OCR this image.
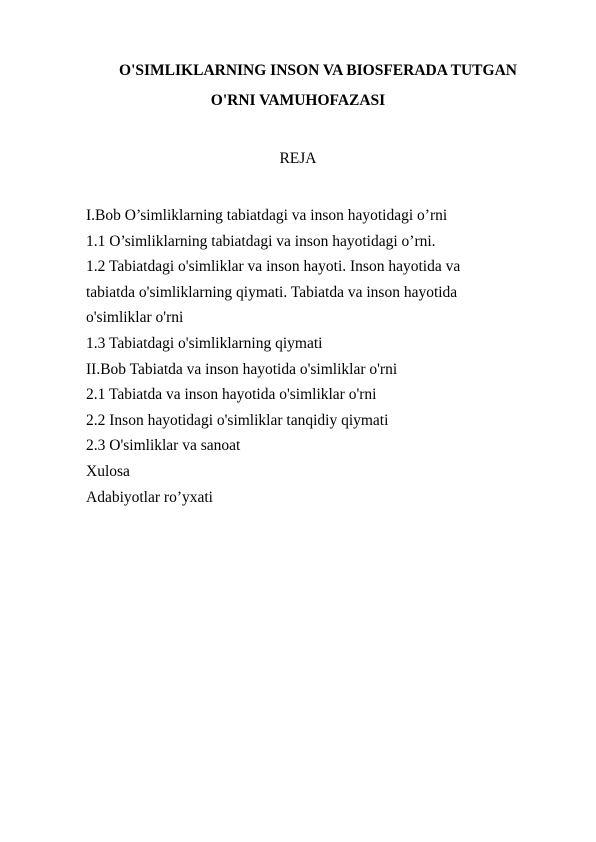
O'SIMLIKLARNING INSON VA BIOSFERADA TUTGAN

O'RNI VAMUHOFAZASI

REJA

I.Bob O’simliklarning tabiatdagi va inson hayotidagi o’rni
1.1 O’simliklarning tabiatdagi va inson hayotidagi o’rni.
1.2 Tabiatdagi o'simliklar va inson hayoti. Inson hayotida va
tabiatda o'simliklarning qiymati. Tabiatda va inson hayotida
o'simliklar o'rni
1.3 Tabiatdagi o'simliklarning qiymati
II.Bob Tabiatda va inson hayotida o'simliklar o'rni
2.1 Tabiatda va inson hayotida o'simliklar o'rni
2.2 Inson hayotidagi o'simliklar tanqidiy qiymati
2.3 O'simliklar va sanoat
Xulosa
Adabiyotlar ro’yxati
